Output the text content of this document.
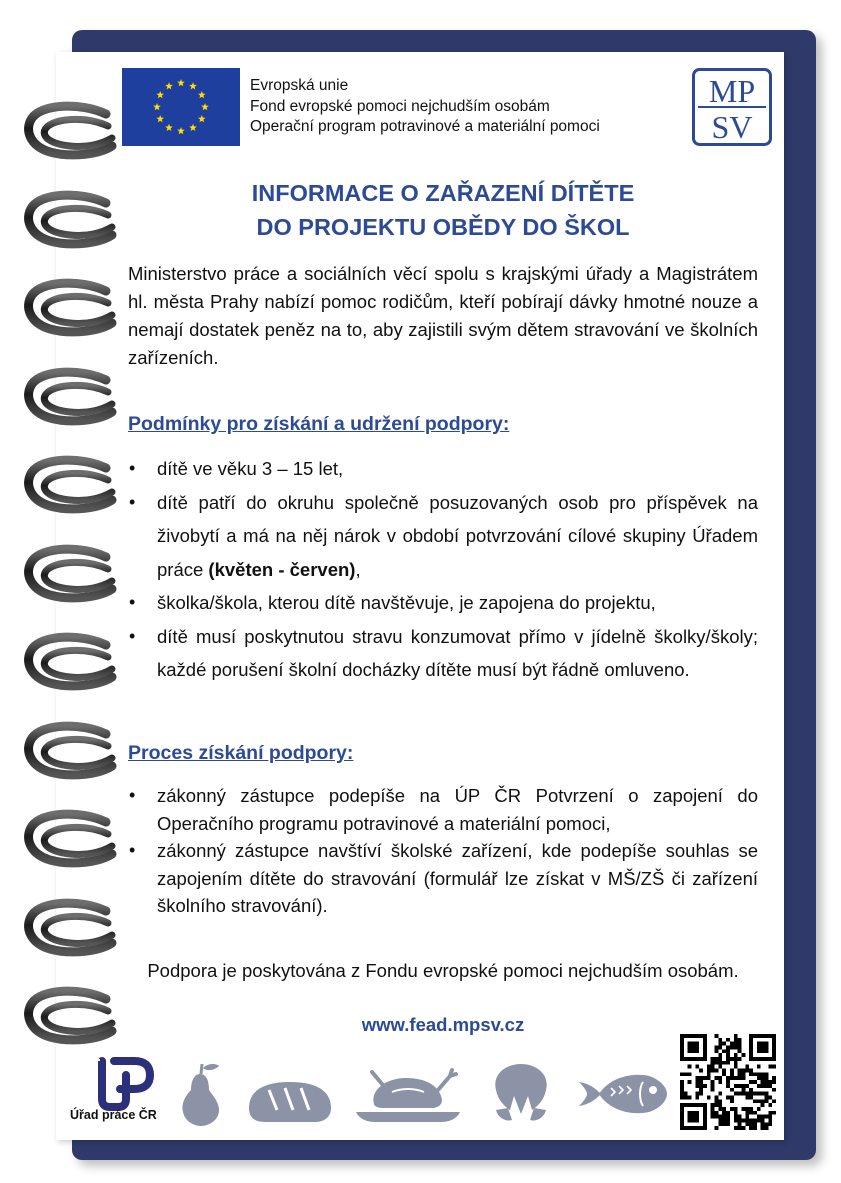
Evropská unie
Fond evropské pomoci nejchudším osobám
Operační program potravinové a materiální pomoci
MP
SV
INFORMACE O ZAŘAZENÍ DÍTĚTE
DO PROJEKTU OBĚDY DO ŠKOL
Ministerstvo práce a sociálních věcí spolu s krajskými úřady a Magistrátem hl. města Prahy nabízí pomoc rodičům, kteří pobírají dávky hmotné nouze a nemají dostatek peněz na to, aby zajistili svým dětem stravování ve školních zařízeních.
Podmínky pro získání a udržení podpory:
• dítě ve věku 3 – 15 let,
• dítě patří do okruhu společně posuzovaných osob pro příspěvek na živobytí a má na něj nárok v období potvrzování cílové skupiny Úřadem práce (květen - červen),
• školka/škola, kterou dítě navštěvuje, je zapojena do projektu,
• dítě musí poskytnutou stravu konzumovat přímo v jídelně školky/školy; každé porušení školní docházky dítěte musí být řádně omluveno.
Proces získání podpory:
• zákonný zástupce podepíše na ÚP ČR Potvrzení o zapojení do Operačního programu potravinové a materiální pomoci,
• zákonný zástupce navštíví školské zařízení, kde podepíše souhlas se zapojením dítěte do stravování (formulář lze získat v MŠ/ZŠ či zařízení školního stravování).
Podpora je poskytována z Fondu evropské pomoci nejchudším osobám.
www.fead.mpsv.cz
Úřad práce ČR
